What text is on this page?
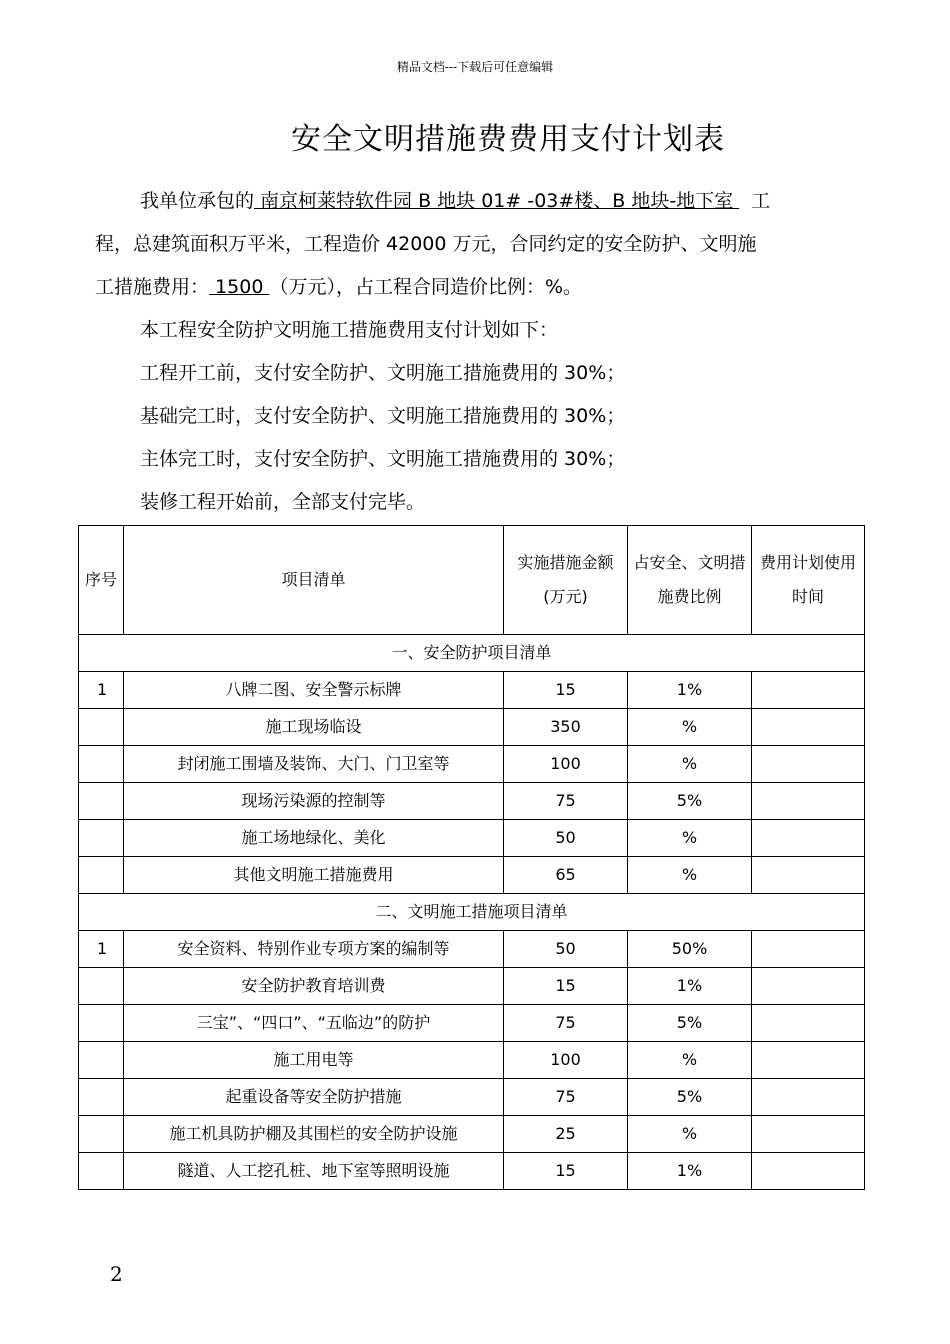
精品文档---下载后可任意编辑
安全文明措施费费用支付计划表
我单位承包的 南京柯莱特软件园 B 地块 01# -03#楼、B 地块-地下室 工
程，总建筑面积万平米，工程造价 42000 万元，合同约定的安全防护、文明施
工措施费用： 1500 （万元），占工程合同造价比例：%。
本工程安全防护文明施工措施费用支付计划如下：
工程开工前，支付安全防护、文明施工措施费用的 30%；
基础完工时，支付安全防护、文明施工措施费用的 30%；
主体完工时，支付安全防护、文明施工措施费用的 30%；
装修工程开始前，全部支付完毕。
序号	项目清单	实施措施金额(万元)	占安全、文明措施费比例	费用计划使用时间
一、安全防护项目清单				
1	八牌二图、安全警示标牌	15	1%	
	施工现场临设	350	%	
	封闭施工围墙及装饰、大门、门卫室等	100	%	
	现场污染源的控制等	75	5%	
	施工场地绿化、美化	50	%	
	其他文明施工措施费用	65	%	
二、文明施工措施项目清单				
1	安全资料、特别作业专项方案的编制等	50	50%	
	安全防护教育培训费	15	1%	
	三宝”、“四口”、“五临边”的防护	75	5%	
	施工用电等	100	%	
	起重设备等安全防护措施	75	5%	
	施工机具防护棚及其围栏的安全防护设施	25	%	
	隧道、人工挖孔桩、地下室等照明设施	15	1%	
2
